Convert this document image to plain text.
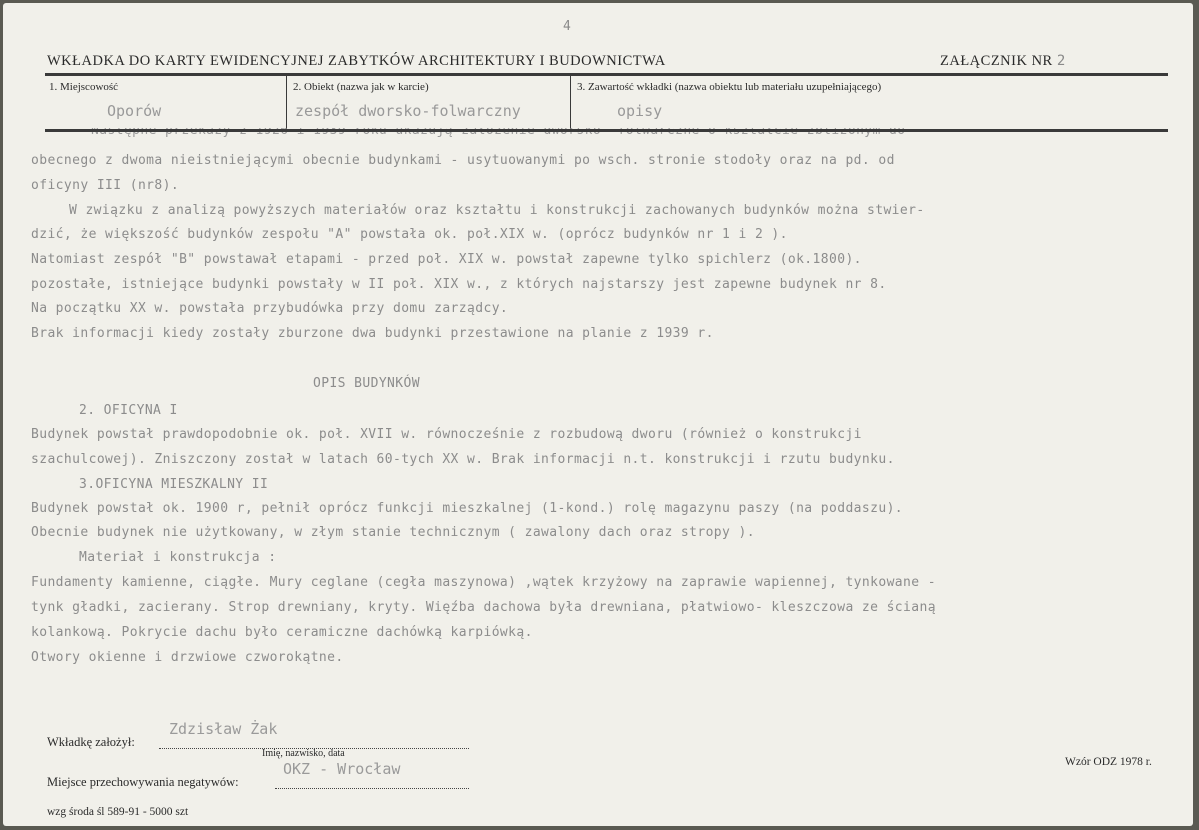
4
WKŁADKA DO KARTY EWIDENCYJNEJ ZABYTKÓW ARCHITEKTURY I BUDOWNICTWA	ZAŁĄCZNIK NR 2
1. Miejscowość
Oporów
2. Obiekt (nazwa jak w karcie)
zespół dworsko-folwarczny
3. Zawartość wkładki (nazwa obiektu lub materiału uzupełniającego)
opisy
obecnego z dwoma nieistniejącymi obecnie budynkami - usytuowanymi po wsch. stronie stodoły oraz na pd. od
oficyny III (nr8).
W związku z analizą powyższych materiałów oraz kształtu i konstrukcji zachowanych budynków można stwier-
dzić, że większość budynków zespołu "A" powstała ok. poł.XIX w. (oprócz budynków nr 1 i 2 ).
Natomiast zespół "B" powstawał etapami - przed poł. XIX w. powstał zapewne tylko spichlerz (ok.1800).
pozostałe, istniejące budynki powstały w II poł. XIX w., z których najstarszy jest zapewne budynek nr 8.
Na początku XX w. powstała przybudówka przy domu zarządcy.
Brak informacji kiedy zostały zburzone dwa budynki przestawione na planie z 1939 r.
OPIS BUDYNKÓW
2. OFICYNA I
Budynek powstał prawdopodobnie ok. poł. XVII w. równocześnie z rozbudową dworu (również o konstrukcji
szachulcowej). Zniszczony został w latach 60-tych XX w. Brak informacji n.t. konstrukcji i rzutu budynku.
3.OFICYNA MIESZKALNY II
Budynek powstał ok. 1900 r, pełnił oprócz funkcji mieszkalnej (1-kond.) rolę magazynu paszy (na poddaszu).
Obecnie budynek nie użytkowany, w złym stanie technicznym ( zawalony dach oraz stropy ).
Materiał i konstrukcja :
Fundamenty kamienne, ciągłe. Mury ceglane (cegła maszynowa) ,wątek krzyżowy na zaprawie wapiennej, tynkowane -
tynk gładki, zacierany. Strop drewniany, kryty. Więźba dachowa była drewniana, płatwiowo- kleszczowa ze ścianą
kolankową. Pokrycie dachu było ceramiczne dachówką karpiówką.
Otwory okienne i drzwiowe czworokątne.
Zdzisław Żak
Wkładkę założył:
Imię, nazwisko, data
OKZ - Wrocław
Miejsce przechowywania negatywów:
Wzór ODZ 1978 r.
wzg środa śl 589-91 - 5000 szt
